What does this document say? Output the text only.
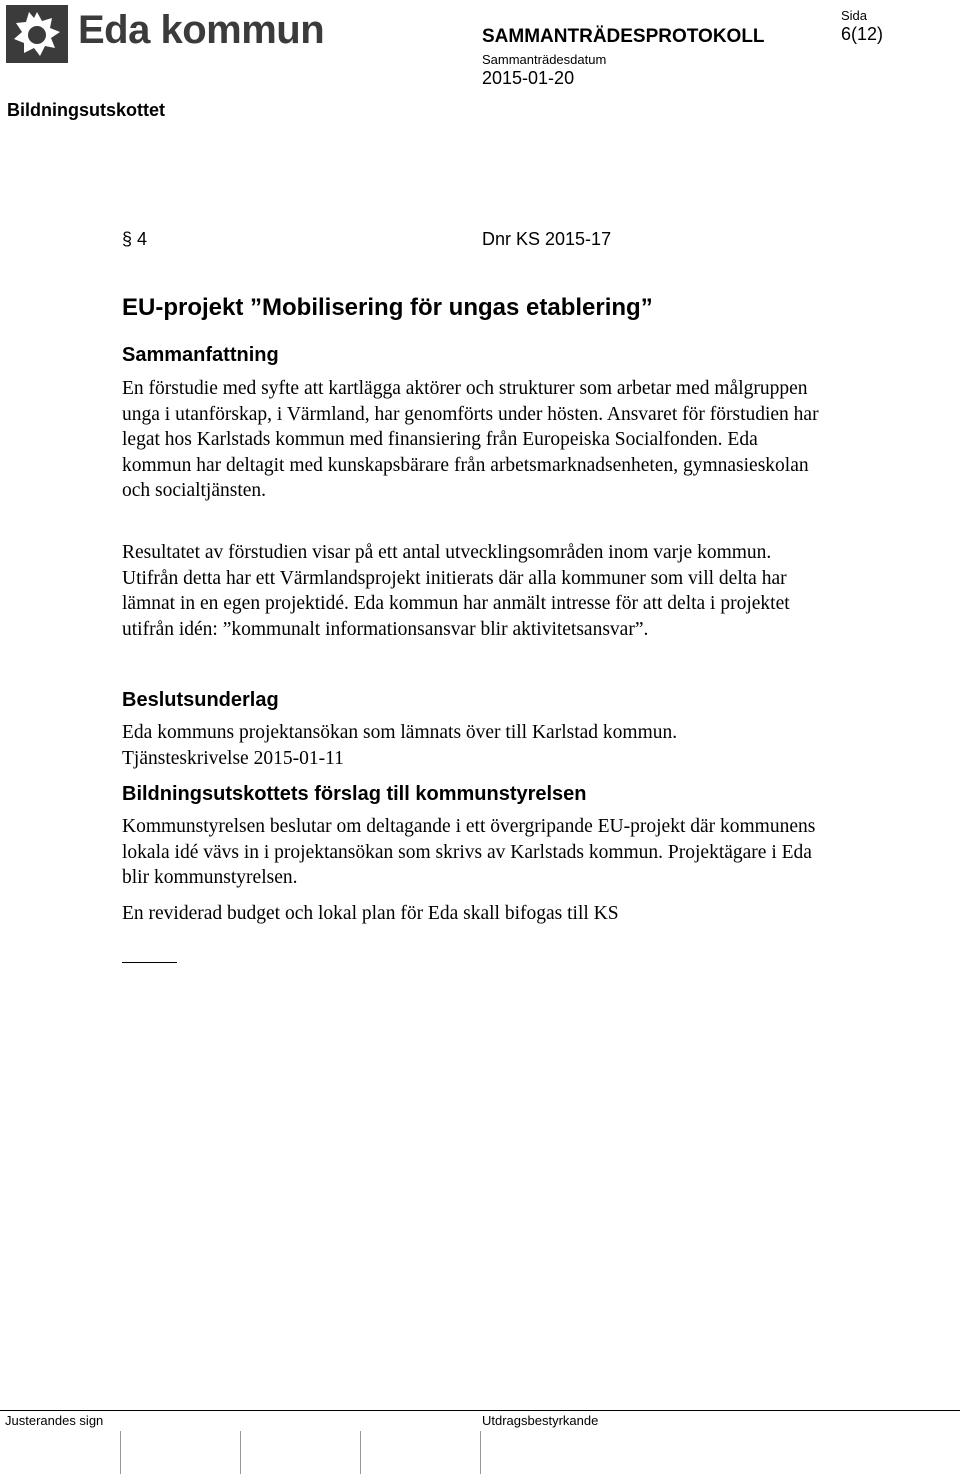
Eda kommun	SAMMANTRÄDESPROTOKOLL
Sammanträdesdatum
2015-01-20
Sida
6(12)
Bildningsutskottet
§ 4	Dnr KS 2015-17
EU-projekt ”Mobilisering för ungas etablering”
Sammanfattning

En förstudie med syfte att kartlägga aktörer och strukturer som arbetar med målgruppen unga i utanförskap, i Värmland, har genomförts under hösten. Ansvaret för förstudien har legat hos Karlstads kommun med finansiering från Europeiska Socialfonden. Eda kommun har deltagit med kunskapsbärare från arbetsmarknadsenheten, gymnasieskolan och socialtjänsten.

Resultatet av förstudien visar på ett antal utvecklingsområden inom varje kommun. Utifrån detta har ett Värmlandsprojekt initierats där alla kommuner som vill delta har lämnat in en egen projektidé. Eda kommun har anmält intresse för att delta i projektet utifrån idén: ”kommunalt informationsansvar blir aktivitetsansvar”.

Beslutsunderlag

Eda kommuns projektansökan som lämnats över till Karlstad kommun.

Tjänsteskrivelse 2015-01-11

Bildningsutskottets förslag till kommunstyrelsen

Kommunstyrelsen beslutar om deltagande i ett övergripande EU-projekt där kommunens lokala idé vävs in i projektansökan som skrivs av Karlstads kommun. Projektägare i Eda blir kommunstyrelsen.

En reviderad budget och lokal plan för Eda skall bifogas till KS

Justerandes sign	Utdragsbestyrkande
